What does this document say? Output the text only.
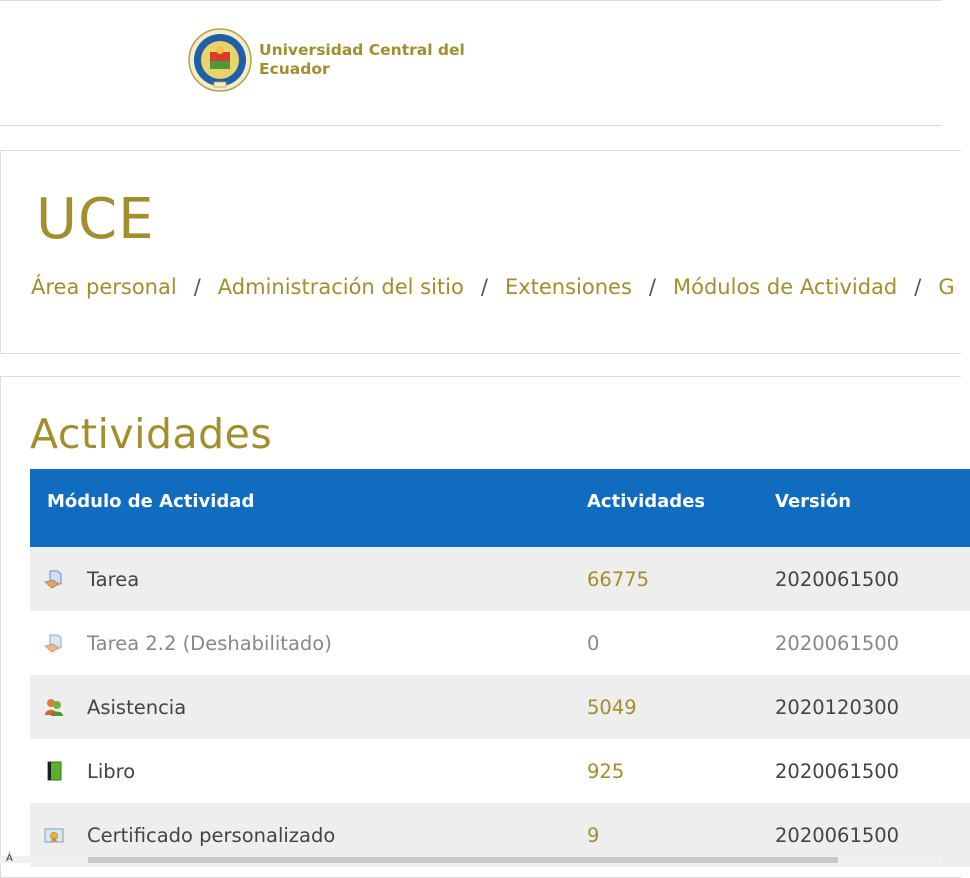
Universidad Central del Ecuador
UCE
Área personal / Administración del sitio / Extensiones / Módulos de Actividad / G
Actividades
Módulo de Actividad	Actividades	Versión
Tarea	66775	2020061500
Tarea 2.2 (Deshabilitado)	0	2020061500
Asistencia	5049	2020120300
Libro	925	2020061500
Certificado personalizado	9	2020061500
Á
